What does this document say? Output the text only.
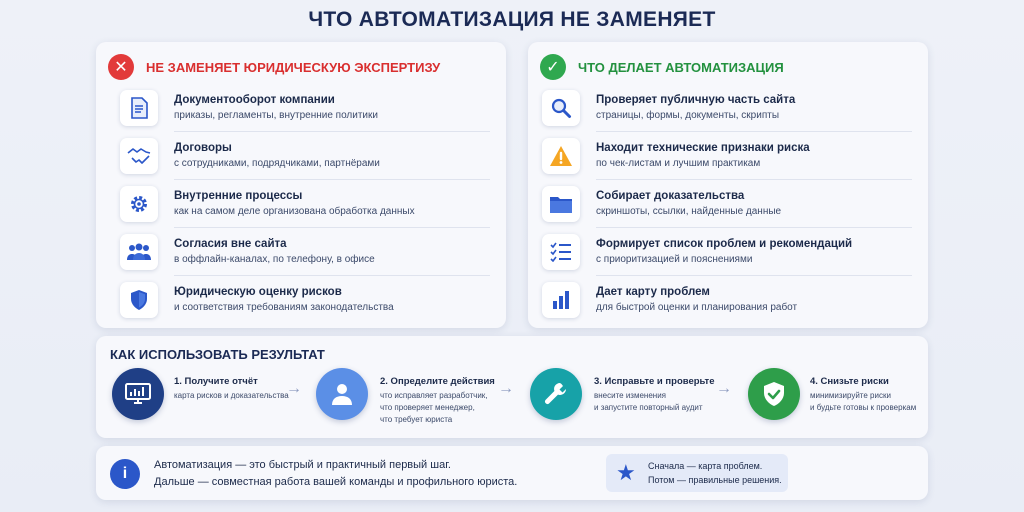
ЧТО АВТОМАТИЗАЦИЯ НЕ ЗАМЕНЯЕТ
✕	НЕ ЗАМЕНЯЕТ ЮРИДИЧЕСКУЮ ЭКСПЕРТИЗУ
Документооборот компании
приказы, регламенты, внутренние политики
Договоры
с сотрудниками, подрядчиками, партнёрами
Внутренние процессы
как на самом деле организована обработка данных
Согласия вне сайта
в оффлайн-каналах, по телефону, в офисе
Юридическую оценку рисков
и соответствия требованиям законодательства
✓	ЧТО ДЕЛАЕТ АВТОМАТИЗАЦИЯ
Проверяет публичную часть сайта
страницы, формы, документы, скрипты
Находит технические признаки риска
по чек-листам и лучшим практикам
Собирает доказательства
скриншоты, ссылки, найденные данные
Формирует список проблем и рекомендаций
с приоритизацией и пояснениями
Дает карту проблем
для быстрой оценки и планирования работ
КАК ИСПОЛЬЗОВАТЬ РЕЗУЛЬТАТ
1. Получите отчёт
карта рисков и доказательства
→	2. Определите действия
что исправляет разработчик,
что проверяет менеджер,
что требует юриста
→	3. Исправьте и проверьте
внесите изменения
и запустите повторный аудит
→	4. Снизьте риски
минимизируйте риски
и будьте готовы к проверкам
i	Автоматизация — это быстрый и практичный первый шаг.
Дальше — совместная работа вашей команды и профильного юриста.	★ Сначала — карта проблем.
Потом — правильные решения.
